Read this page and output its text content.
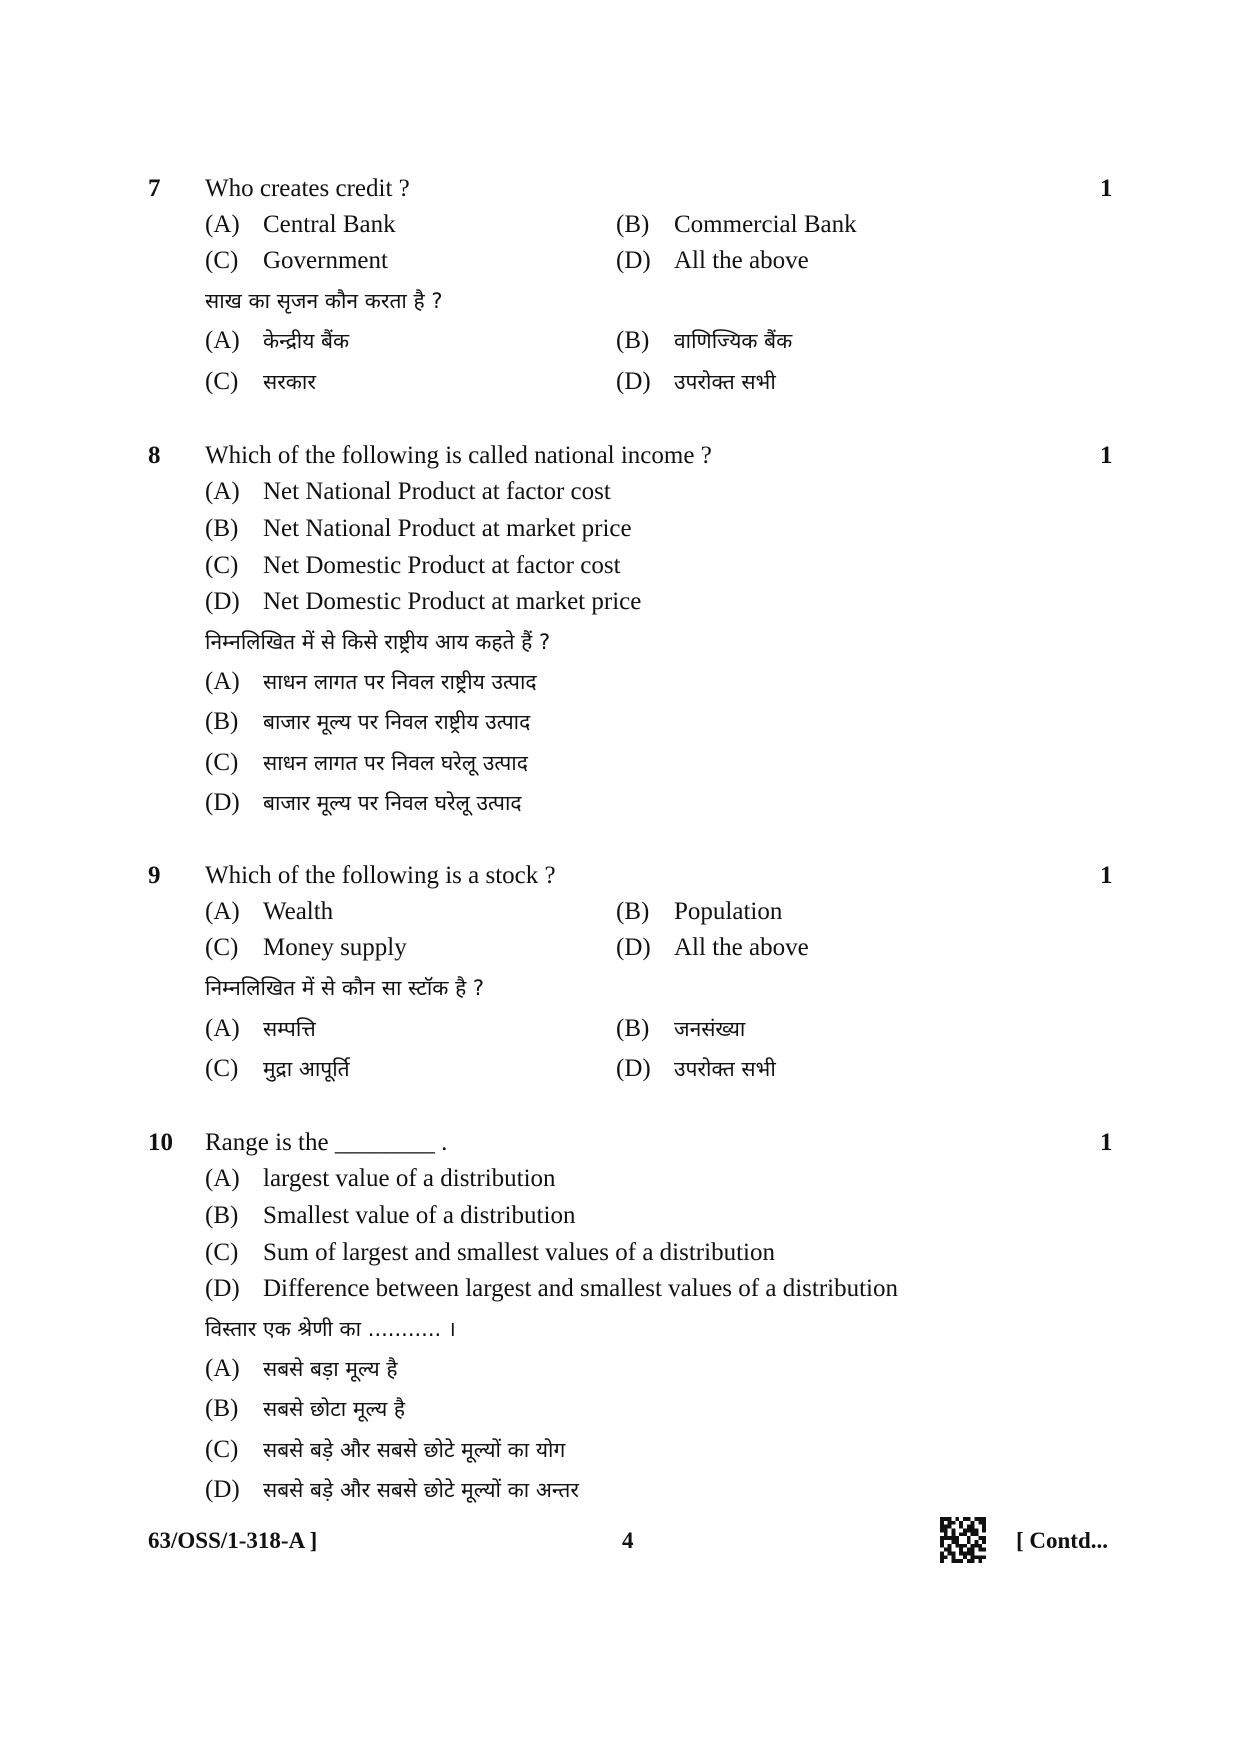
7	1
Who creates credit ?
(A) Central Bank	(B) Commercial Bank
(C) Government	(D) All the above
साख का सृजन कौन करता है ?
(A) केन्द्रीय बैंक	(B) वाणिज्यिक बैंक
(C) सरकार	(D) उपरोक्त सभी
8	1
Which of the following is called national income ?
(A) Net National Product at factor cost
(B) Net National Product at market price
(C) Net Domestic Product at factor cost
(D) Net Domestic Product at market price
निम्नलिखित में से किसे राष्ट्रीय आय कहते हैं ?
(A) साधन लागत पर निवल राष्ट्रीय उत्पाद
(B) बाजार मूल्य पर निवल राष्ट्रीय उत्पाद
(C) साधन लागत पर निवल घरेलू उत्पाद
(D) बाजार मूल्य पर निवल घरेलू उत्पाद
9	1
Which of the following is a stock ?
(A) Wealth	(B) Population
(C) Money supply	(D) All the above
निम्नलिखित में से कौन सा स्टॉक है ?
(A) सम्पत्ति	(B) जनसंख्या
(C) मुद्रा आपूर्ति	(D) उपरोक्त सभी
10	1
Range is the ________ .
(A) largest value of a distribution
(B) Smallest value of a distribution
(C) Sum of largest and smallest values of a distribution
(D) Difference between largest and smallest values of a distribution
विस्तार एक श्रेणी का ........... ।
(A) सबसे बड़ा मूल्य है
(B) सबसे छोटा मूल्य है
(C) सबसे बड़े और सबसे छोटे मूल्यों का योग
(D) सबसे बड़े और सबसे छोटे मूल्यों का अन्तर
63/OSS/1-318-A ]	4	[ Contd...
